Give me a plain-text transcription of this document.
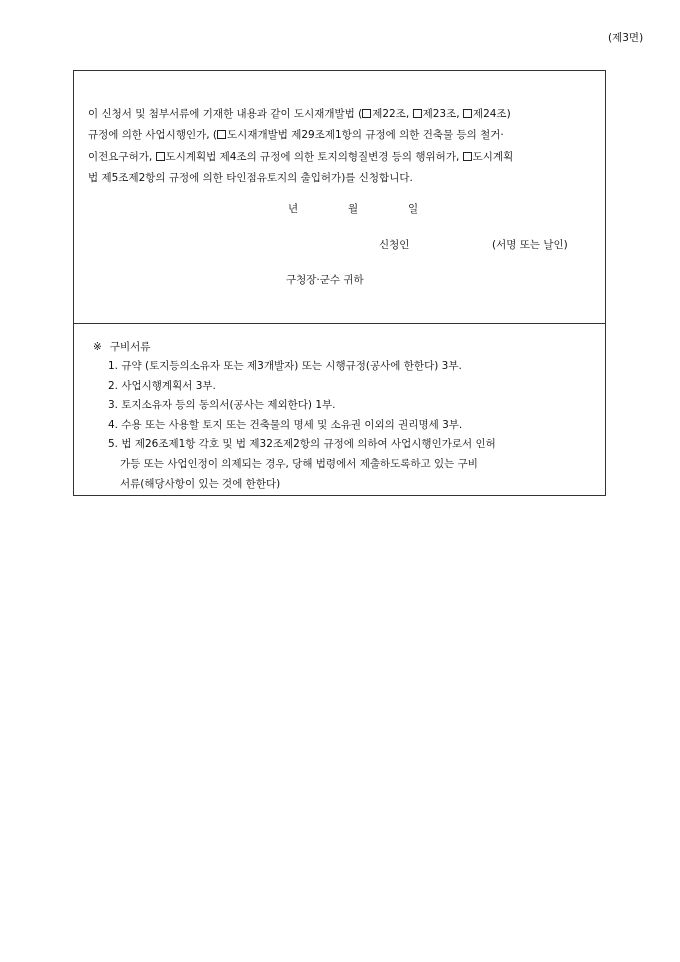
(제3면)
이 신청서 및 첨부서류에 기재한 내용과 같이 도시재개발법 ( 제22조, 제23조, 제24조)
규정에 의한 사업시행인가, ( 도시재개발법 제29조제1항의 규정에 의한 건축물 등의 철거·
이전요구허가, 도시계획법 제4조의 규정에 의한 토지의형질변경 등의 행위허가, 도시계획
법 제5조제2항의 규정에 의한 타인점유토지의 출입허가)를 신청합니다.
년	월	일
신청인	(서명 또는 날인)
구청장·군수 귀하
※ 구비서류
1. 규약 (토지등의소유자 또는 제3개발자) 또는 시행규정(공사에 한한다) 3부.
2. 사업시행계획서 3부.
3. 토지소유자 등의 동의서(공사는 제외한다) 1부.
4. 수용 또는 사용할 토지 또는 건축물의 명세 및 소유권 이외의 권리명세 3부.
5. 법 제26조제1항 각호 및 법 제32조제2항의 규정에 의하여 사업시행인가로서 인허
가등 또는 사업인정이 의제되는 경우, 당해 법령에서 제출하도록하고 있는 구비
서류(해당사항이 있는 것에 한한다)
